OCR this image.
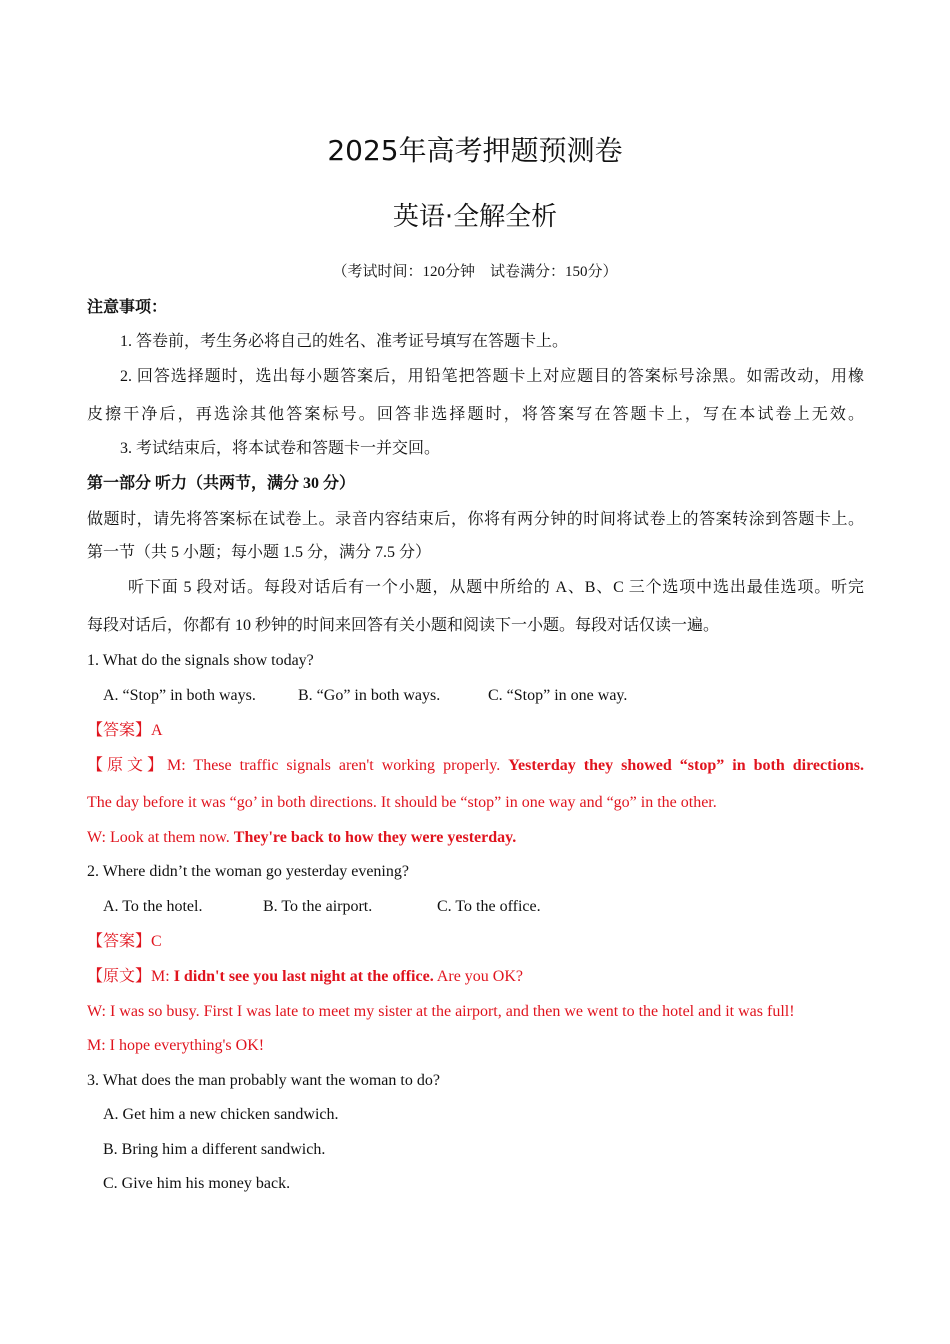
2025年高考押题预测卷
英语·全解全析
（考试时间：120分钟　试卷满分：150分）
注意事项：
1. 答卷前，考生务必将自己的姓名、准考证号填写在答题卡上。
2. 回答选择题时，选出每小题答案后，用铅笔把答题卡上对应题目的答案标号涂黑。如需改动，用橡
皮擦干净后，再选涂其他答案标号。回答非选择题时，将答案写在答题卡上，写在本试卷上无效。
3. 考试结束后，将本试卷和答题卡一并交回。
第一部分 听力（共两节，满分 30 分）
做题时，请先将答案标在试卷上。录音内容结束后，你将有两分钟的时间将试卷上的答案转涂到答题卡上。
第一节（共 5 小题；每小题 1.5 分，满分 7.5 分）
听下面 5 段对话。每段对话后有一个小题，从题中所给的 A、B、C 三个选项中选出最佳选项。听完
每段对话后，你都有 10 秒钟的时间来回答有关小题和阅读下一小题。每段对话仅读一遍。
1. What do the signals show today?
A. “Stop” in both ways.	B. “Go” in both ways.	C. “Stop” in one way.
【答案】A
【原文】M: These traffic signals aren't working properly. Yesterday they showed “stop” in both directions.
The day before it was “go’ in both directions. It should be “stop” in one way and “go” in the other.
W: Look at them now. They're back to how they were yesterday.
2. Where didn’t the woman go yesterday evening?
A. To the hotel.	B. To the airport.	C. To the office.
【答案】C
【原文】M: I didn't see you last night at the office. Are you OK?
W: I was so busy. First I was late to meet my sister at the airport, and then we went to the hotel and it was full!
M: I hope everything's OK!
3. What does the man probably want the woman to do?
A. Get him a new chicken sandwich.
B. Bring him a different sandwich.
C. Give him his money back.
